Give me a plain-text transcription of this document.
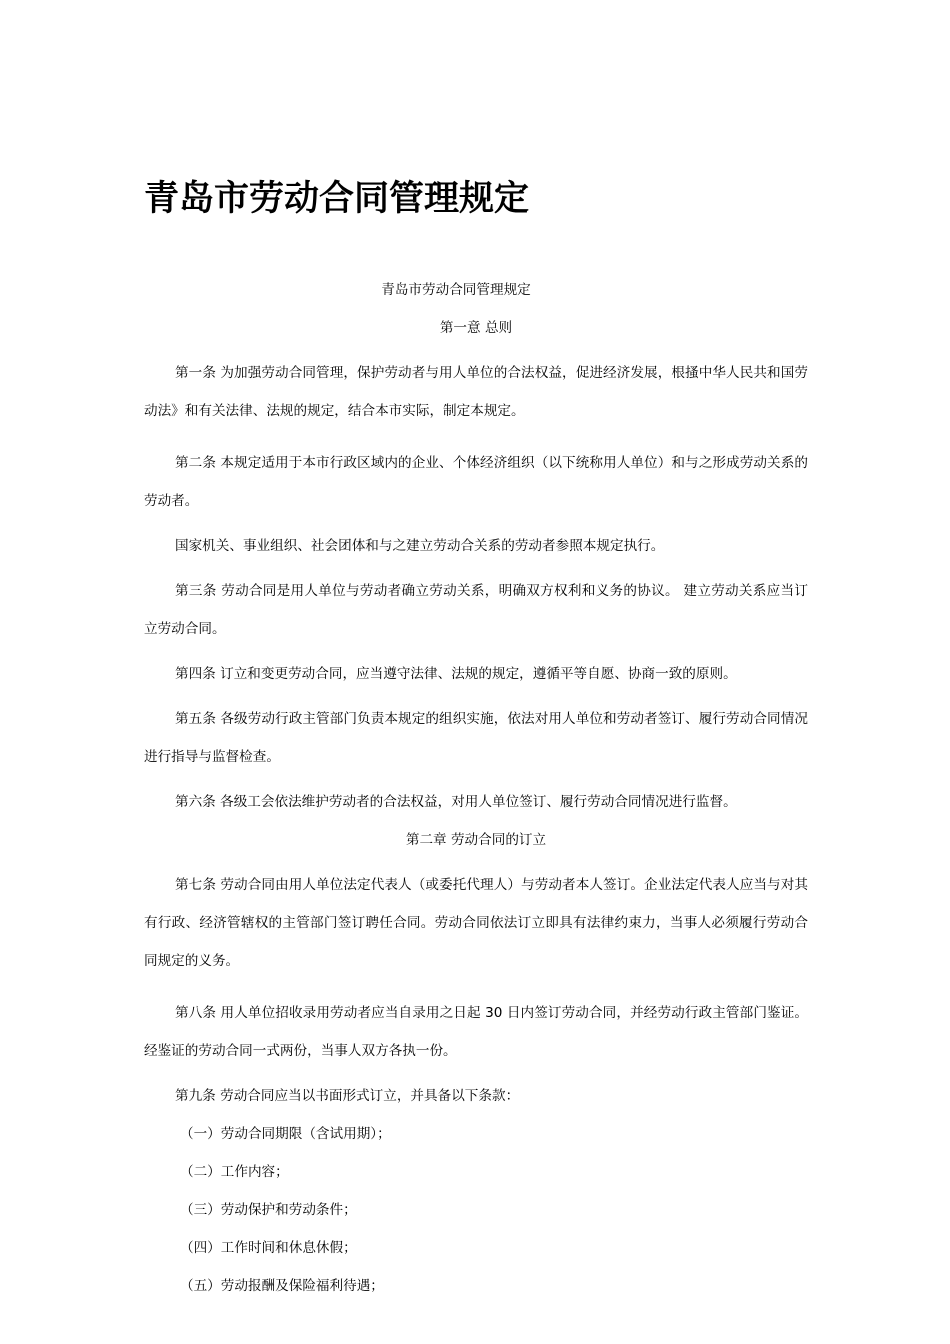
青岛市劳动合同管理规定

青岛市劳动合同管理规定

第一意 总则

第一条 为加强劳动合同管理，保护劳动者与用人单位的合法权益，促进经济发展，根搔中华人民共和国劳动法》和有关法律、法规的规定，结合本市实际，制定本规定。

第二条 本规定适用于本市行政区域内的企业、个体经济组织（以下统称用人单位）和与之形成劳动关系的劳动者。

国家机关、事业组织、社会团体和与之建立劳动合关系的劳动者参照本规定执行。

第三条 劳动合同是用人单位与劳动者确立劳动关系，明确双方权利和义务的协议。 建立劳动关系应当订立劳动合同。

第四条 订立和变更劳动合同，应当遵守法律、法规的规定，遵循平等自愿、协商一致的原则。

第五条 各级劳动行政主管部门负责本规定的组织实施，依法对用人单位和劳动者签订、履行劳动合同情况进行指导与监督检查。

第六条 各级工会依法维护劳动者的合法权益，对用人单位签订、履行劳动合同情况进行监督。

第二章 劳动合同的订立

第七条 劳动合同由用人单位法定代表人（或委托代理人）与劳动者本人签订。企业法定代表人应当与对其有行政、经济管辖权的主管部门签订聘任合同。劳动合同依法订立即具有法律约束力，当事人必须履行劳动合同规定的义务。

第八条 用人单位招收录用劳动者应当自录用之日起 30 日内签订劳动合同，并经劳动行政主管部门鉴证。经鉴证的劳动合同一式两份，当事人双方各执一份。

第九条 劳动合同应当以书面形式订立，并具备以下条款：

（一）劳动合同期限（含试用期）；

（二）工作内容；

（三）劳动保护和劳动条件；

（四）工作时间和休息休假；

（五）劳动报酬及保险福利待遇；
